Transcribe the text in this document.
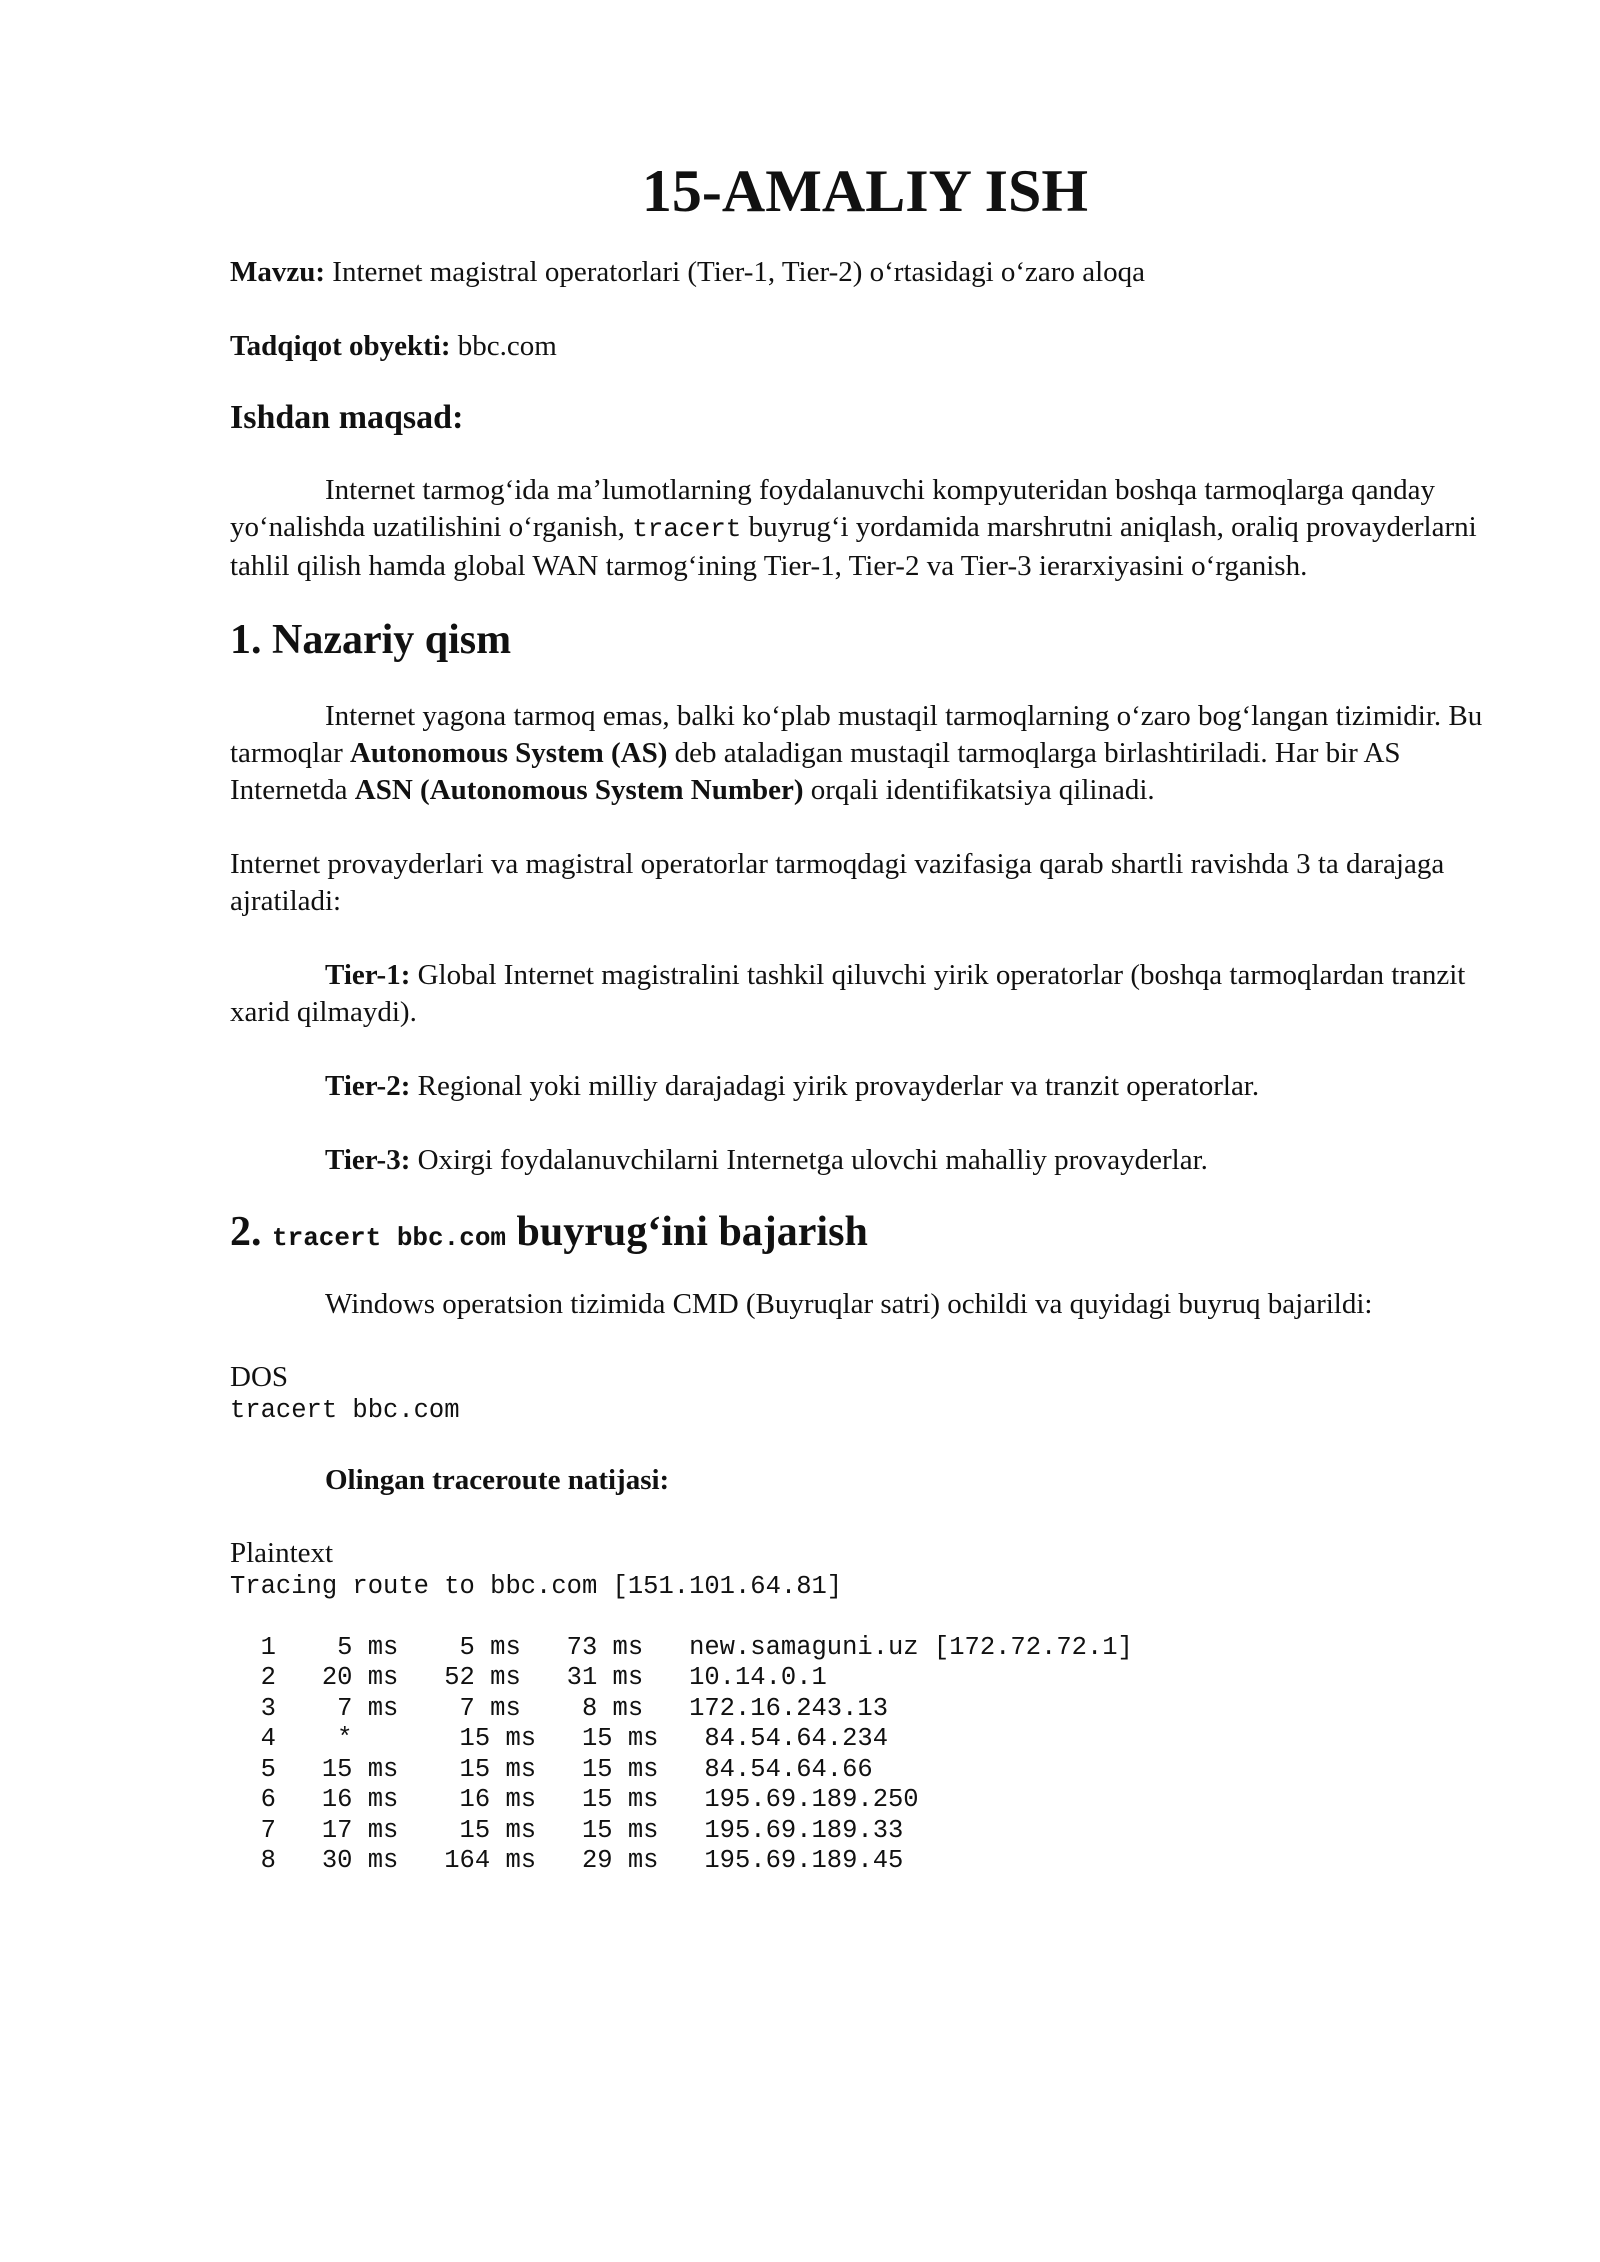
15-AMALIY ISH

Mavzu: Internet magistral operatorlari (Tier-1, Tier-2) o‘rtasidagi o‘zaro aloqa

Tadqiqot obyekti: bbc.com

Ishdan maqsad:

Internet tarmog‘ida ma’lumotlarning foydalanuvchi kompyuteridan boshqa tarmoqlarga qanday yo‘nalishda uzatilishini o‘rganish, tracert buyrug‘i yordamida marshrutni aniqlash, oraliq provayderlarni tahlil qilish hamda global WAN tarmog‘ining Tier-1, Tier-2 va Tier-3 ierarxiyasini o‘rganish.

1. Nazariy qism

Internet yagona tarmoq emas, balki ko‘plab mustaqil tarmoqlarning o‘zaro bog‘langan tizimidir. Bu tarmoqlar Autonomous System (AS) deb ataladigan mustaqil tarmoqlarga birlashtiriladi. Har bir AS Internetda ASN (Autonomous System Number) orqali identifikatsiya qilinadi.

Internet provayderlari va magistral operatorlar tarmoqdagi vazifasiga qarab shartli ravishda 3 ta darajaga ajratiladi:

Tier-1: Global Internet magistralini tashkil qiluvchi yirik operatorlar (boshqa tarmoqlardan tranzit xarid qilmaydi).

Tier-2: Regional yoki milliy darajadagi yirik provayderlar va tranzit operatorlar.

Tier-3: Oxirgi foydalanuvchilarni Internetga ulovchi mahalliy provayderlar.

2. tracert bbc.com buyrug‘ini bajarish

Windows operatsion tizimida CMD (Buyruqlar satri) ochildi va quyidagi buyruq bajarildi:

DOS

tracert bbc.com

Olingan traceroute natijasi:

Plaintext

Tracing route to bbc.com [151.101.64.81]
1    5 ms    5 ms   73 ms   new.samaguni.uz [172.72.72.1]
2   20 ms   52 ms   31 ms   10.14.0.1
3    7 ms    7 ms    8 ms   172.16.243.13
4    *       15 ms   15 ms   84.54.64.234
5   15 ms    15 ms   15 ms   84.54.64.66
6   16 ms    16 ms   15 ms   195.69.189.250
7   17 ms    15 ms   15 ms   195.69.189.33
8   30 ms   164 ms   29 ms   195.69.189.45
